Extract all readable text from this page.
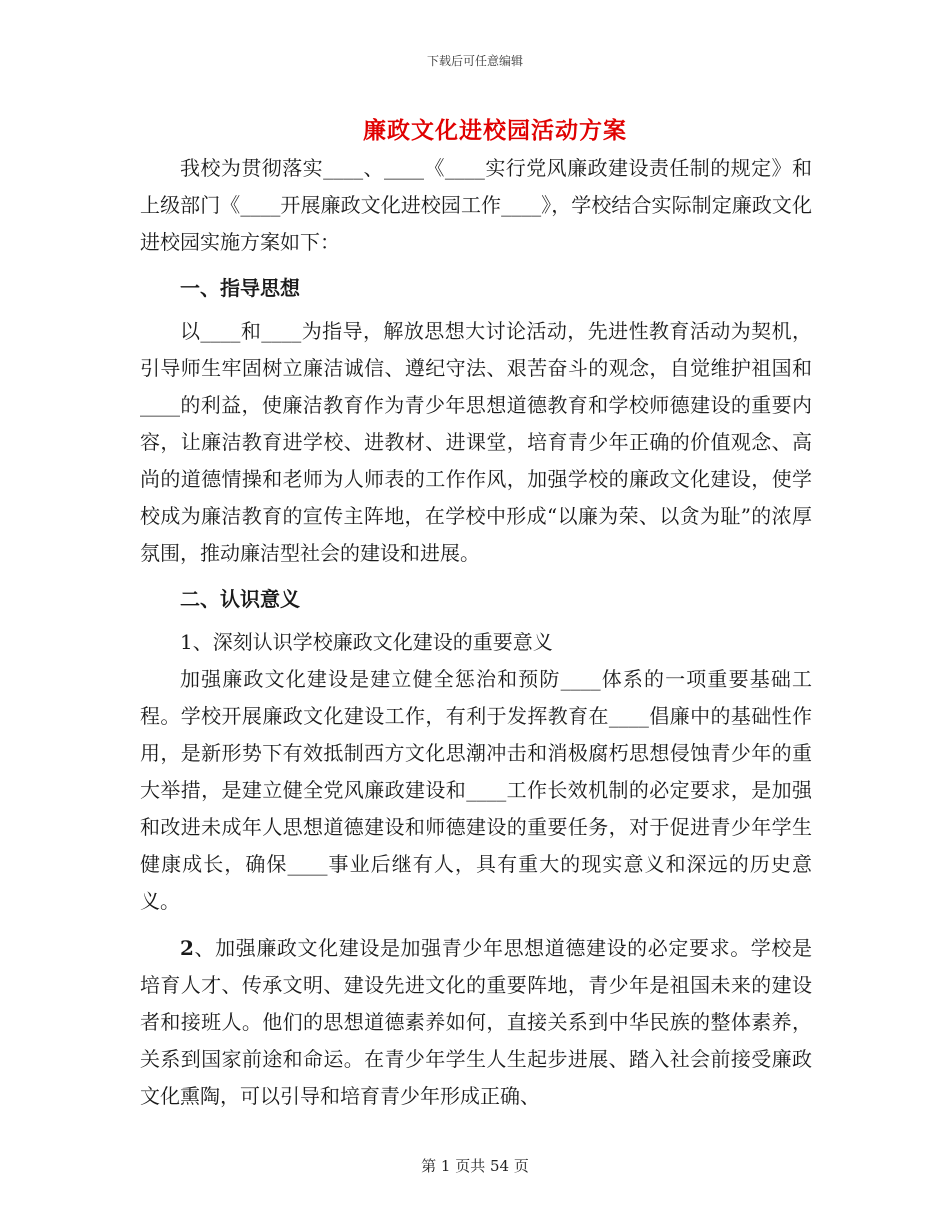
下载后可任意编辑
廉政文化进校园活动方案

我校为贯彻落实____、____《____实行党风廉政建设责任制的规定》和上级部门《____开展廉政文化进校园工作____》，学校结合实际制定廉政文化进校园实施方案如下：

一、指导思想

以____和____为指导，解放思想大讨论活动，先进性教育活动为契机，引导师生牢固树立廉洁诚信、遵纪守法、艰苦奋斗的观念，自觉维护祖国和____的利益，使廉洁教育作为青少年思想道德教育和学校师德建设的重要内容，让廉洁教育进学校、进教材、进课堂，培育青少年正确的价值观念、高尚的道德情操和老师为人师表的工作作风，加强学校的廉政文化建设，使学校成为廉洁教育的宣传主阵地，在学校中形成“以廉为荣、以贪为耻”的浓厚氛围，推动廉洁型社会的建设和进展。

二、认识意义

1、深刻认识学校廉政文化建设的重要意义

加强廉政文化建设是建立健全惩治和预防____体系的一项重要基础工程。学校开展廉政文化建设工作，有利于发挥教育在____倡廉中的基础性作用，是新形势下有效抵制西方文化思潮冲击和消极腐朽思想侵蚀青少年的重大举措，是建立健全党风廉政建设和____工作长效机制的必定要求，是加强和改进未成年人思想道德建设和师德建设的重要任务，对于促进青少年学生健康成长，确保____事业后继有人，具有重大的现实意义和深远的历史意义。

2、加强廉政文化建设是加强青少年思想道德建设的必定要求。学校是培育人才、传承文明、建设先进文化的重要阵地，青少年是祖国未来的建设者和接班人。他们的思想道德素养如何，直接关系到中华民族的整体素养，关系到国家前途和命运。在青少年学生人生起步进展、踏入社会前接受廉政文化熏陶，可以引导和培育青少年形成正确、

第 1 页共 54 页
